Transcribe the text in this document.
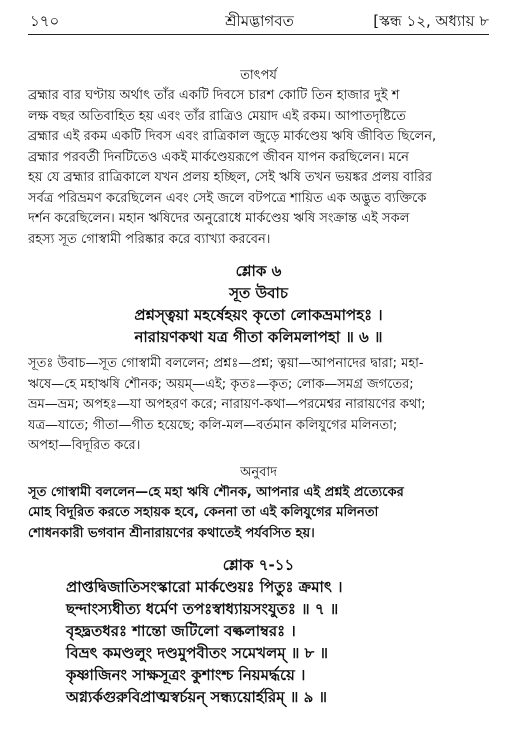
১৭০	শ্রীমদ্ভাগবত	[স্কন্ধ ১২, অধ্যায় ৮

তাৎপর্য

ব্রহ্মার বার ঘণ্টায় অর্থাৎ তাঁর একটি দিবসে চারশ কোটি তিন হাজার দুই শ

লক্ষ বছর অতিবাহিত হয় এবং তাঁর রাত্রিও মেয়াদ এই রকম। আপাতদৃষ্টিতে

ব্রহ্মার এই রকম একটি দিবস এবং রাত্রিকাল জুড়ে মার্কণ্ডেয় ঋষি জীবিত ছিলেন,

ব্রহ্মার পরবর্তী দিনটিতেও একই মার্কণ্ডেয়রূপে জীবন যাপন করছিলেন। মনে

হয় যে ব্রহ্মার রাত্রিকালে যখন প্রলয় হচ্ছিল, সেই ঋষি তখন ভয়ঙ্কর প্রলয় বারির

সর্বত্র পরিভ্রমণ করেছিলেন এবং সেই জলে বটপত্রে শায়িত এক অদ্ভুত ব্যক্তিকে

দর্শন করেছিলেন। মহান ঋষিদের অনুরোধে মার্কণ্ডেয় ঋষি সংক্রান্ত এই সকল

রহস্য সূত গোস্বামী পরিষ্কার করে ব্যাখ্যা করবেন।

শ্লোক ৬

সূত উবাচ

প্রশ্নস্ত্বয়া মহর্ষেহয়ং কৃতো লোকভ্রমাপহঃ ।

নারায়ণকথা যত্র গীতা কলিমলাপহা ॥ ৬ ॥

সূতঃ উবাচ—সূত গোস্বামী বললেন; প্রশ্নঃ—প্রশ্ন; ত্বয়া—আপনাদের দ্বারা; মহা-

ঋষে—হে মহাঋষি শৌনক; অয়ম্—এই; কৃতঃ—কৃত; লোক—সমগ্র জগতের;

ভ্রম—ভ্রম; অপহঃ—যা অপহরণ করে; নারায়ণ-কথা—পরমেশ্বর নারায়ণের কথা;

যত্র—যাতে; গীতা—গীত হয়েছে; কলি-মল—বর্তমান কলিযুগের মলিনতা;

অপহা—বিদূরিত করে।

অনুবাদ

সূত গোস্বামী বললেন—হে মহা ঋষি শৌনক, আপনার এই প্রশ্নই প্রত্যেকের

মোহ বিদূরিত করতে সহায়ক হবে, কেননা তা এই কলিযুগের মলিনতা

শোধনকারী ভগবান শ্রীনারায়ণের কথাতেই পর্যবসিত হয়।

শ্লোক ৭-১১

প্রাপ্তদ্বিজাতিসংস্কারো মার্কণ্ডেয়ঃ পিতুঃ ক্রমাৎ ।

ছন্দাংস্যধীত্য ধর্মেণ তপঃস্বাধ্যায়সংযুতঃ ॥ ৭ ॥

বৃহদ্ব্রতধরঃ শান্তো জটিলো বল্কলাম্বরঃ ।

বিভ্রৎ কমণ্ডলুং দণ্ডমুপবীতং সমেখলম্ ॥ ৮ ॥

কৃষ্ণাজিনং সাক্ষসূত্রং কুশাংশ্চ নিয়মর্দ্ধয়ে ।

অগ্ন্যর্কগুরুবিপ্রাত্মস্বর্চয়ন্ সন্ধ্যয়োর্হরিম্ ॥ ৯ ॥
